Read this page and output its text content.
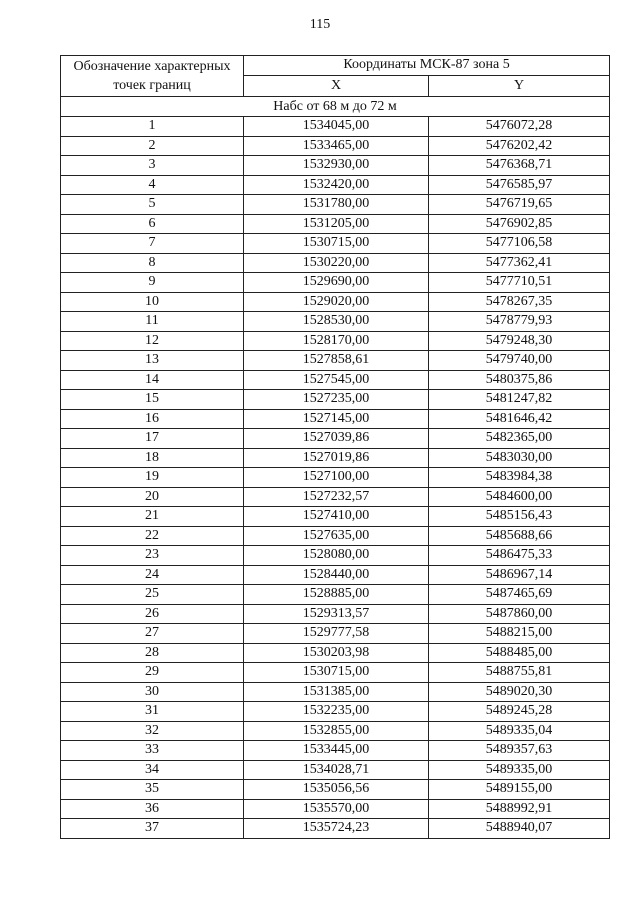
115
Обозначение характерных точек границ	Координаты МСК-87 зона 5	
	X	Y
Набс от 68 м до 72 м		
1	1534045,00	5476072,28
2	1533465,00	5476202,42
3	1532930,00	5476368,71
4	1532420,00	5476585,97
5	1531780,00	5476719,65
6	1531205,00	5476902,85
7	1530715,00	5477106,58
8	1530220,00	5477362,41
9	1529690,00	5477710,51
10	1529020,00	5478267,35
11	1528530,00	5478779,93
12	1528170,00	5479248,30
13	1527858,61	5479740,00
14	1527545,00	5480375,86
15	1527235,00	5481247,82
16	1527145,00	5481646,42
17	1527039,86	5482365,00
18	1527019,86	5483030,00
19	1527100,00	5483984,38
20	1527232,57	5484600,00
21	1527410,00	5485156,43
22	1527635,00	5485688,66
23	1528080,00	5486475,33
24	1528440,00	5486967,14
25	1528885,00	5487465,69
26	1529313,57	5487860,00
27	1529777,58	5488215,00
28	1530203,98	5488485,00
29	1530715,00	5488755,81
30	1531385,00	5489020,30
31	1532235,00	5489245,28
32	1532855,00	5489335,04
33	1533445,00	5489357,63
34	1534028,71	5489335,00
35	1535056,56	5489155,00
36	1535570,00	5488992,91
37	1535724,23	5488940,07
